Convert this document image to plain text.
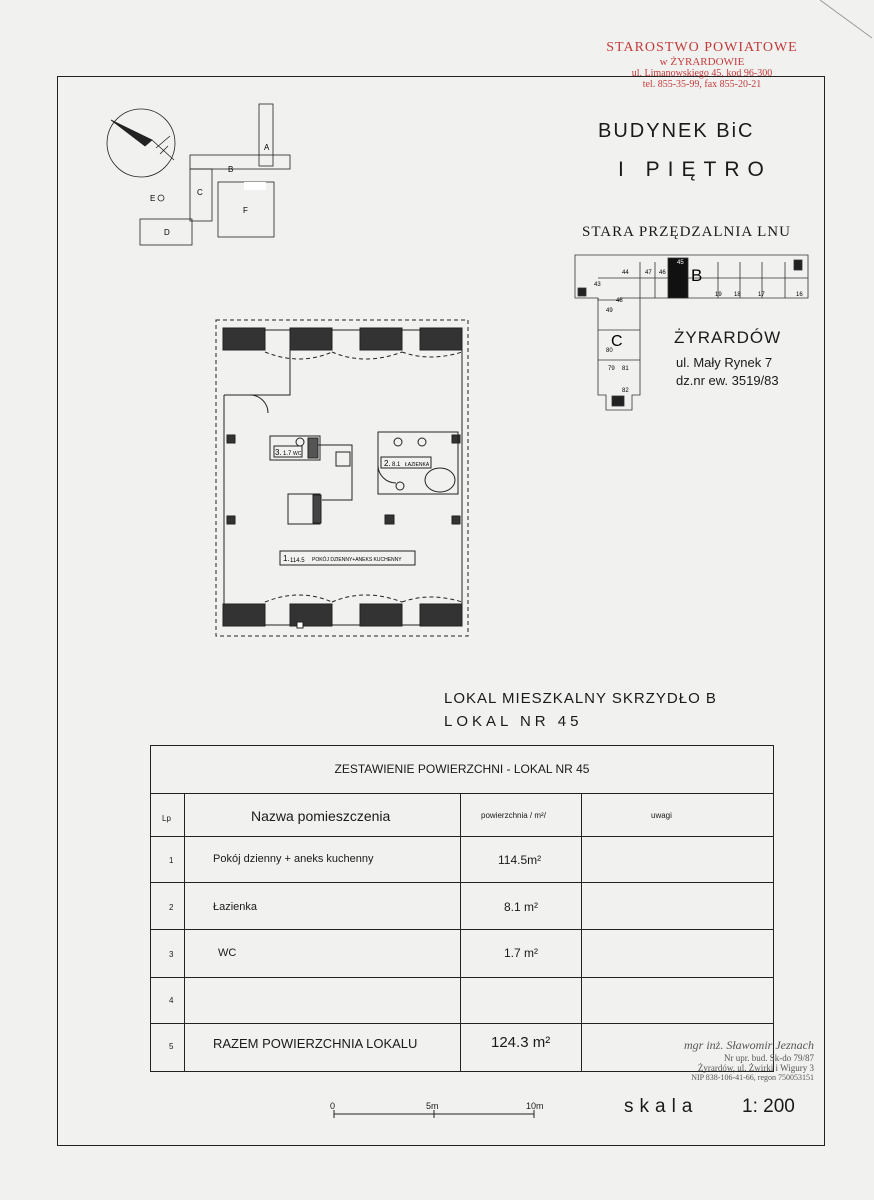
A
B
C
D
E
F
B
C
43
44	47 46
45
48
49
19 18	17	16
80
81
79
82
1. 114.5 POKÓJ DZIENNY+ANEKS KUCHENNY
2. 8.1 ŁAZIENKA
3. 1.7 WC
STAROSTWO POWIATOWE
w ŻYRARDOWIE
ul. Limanowskiego 45, kod 96-300
tel. 855-35-99, fax 855-20-21
BUDYNEK BiC
I PIĘTRO
STARA PRZĘDZALNIA LNU
ŻYRARDÓW
ul. Mały Rynek 7
dz.nr ew. 3519/83
LOKAL MIESZKALNY SKRZYDŁO B
LOKAL NR 45
ZESTAWIENIE POWIERZCHNI - LOKAL NR 45
Lp	Nazwa pomieszczenia	powierzchnia / m²/	uwagi
1	Pokój dzienny + aneks kuchenny	114.5m²
2	Łazienka	8.1 m²
3	WC	1.7 m²
4
5	RAZEM POWIERZCHNIA LOKALU	124.3 m²	mgr inż. Sławomir Jeznach
Nr upr. bud. Sk-do 79/87
Żyrardów, ul. Żwirki i Wigury 3
NIP 838-106-41-66, regon 750053151
0	5m	10m	skala 1: 200
